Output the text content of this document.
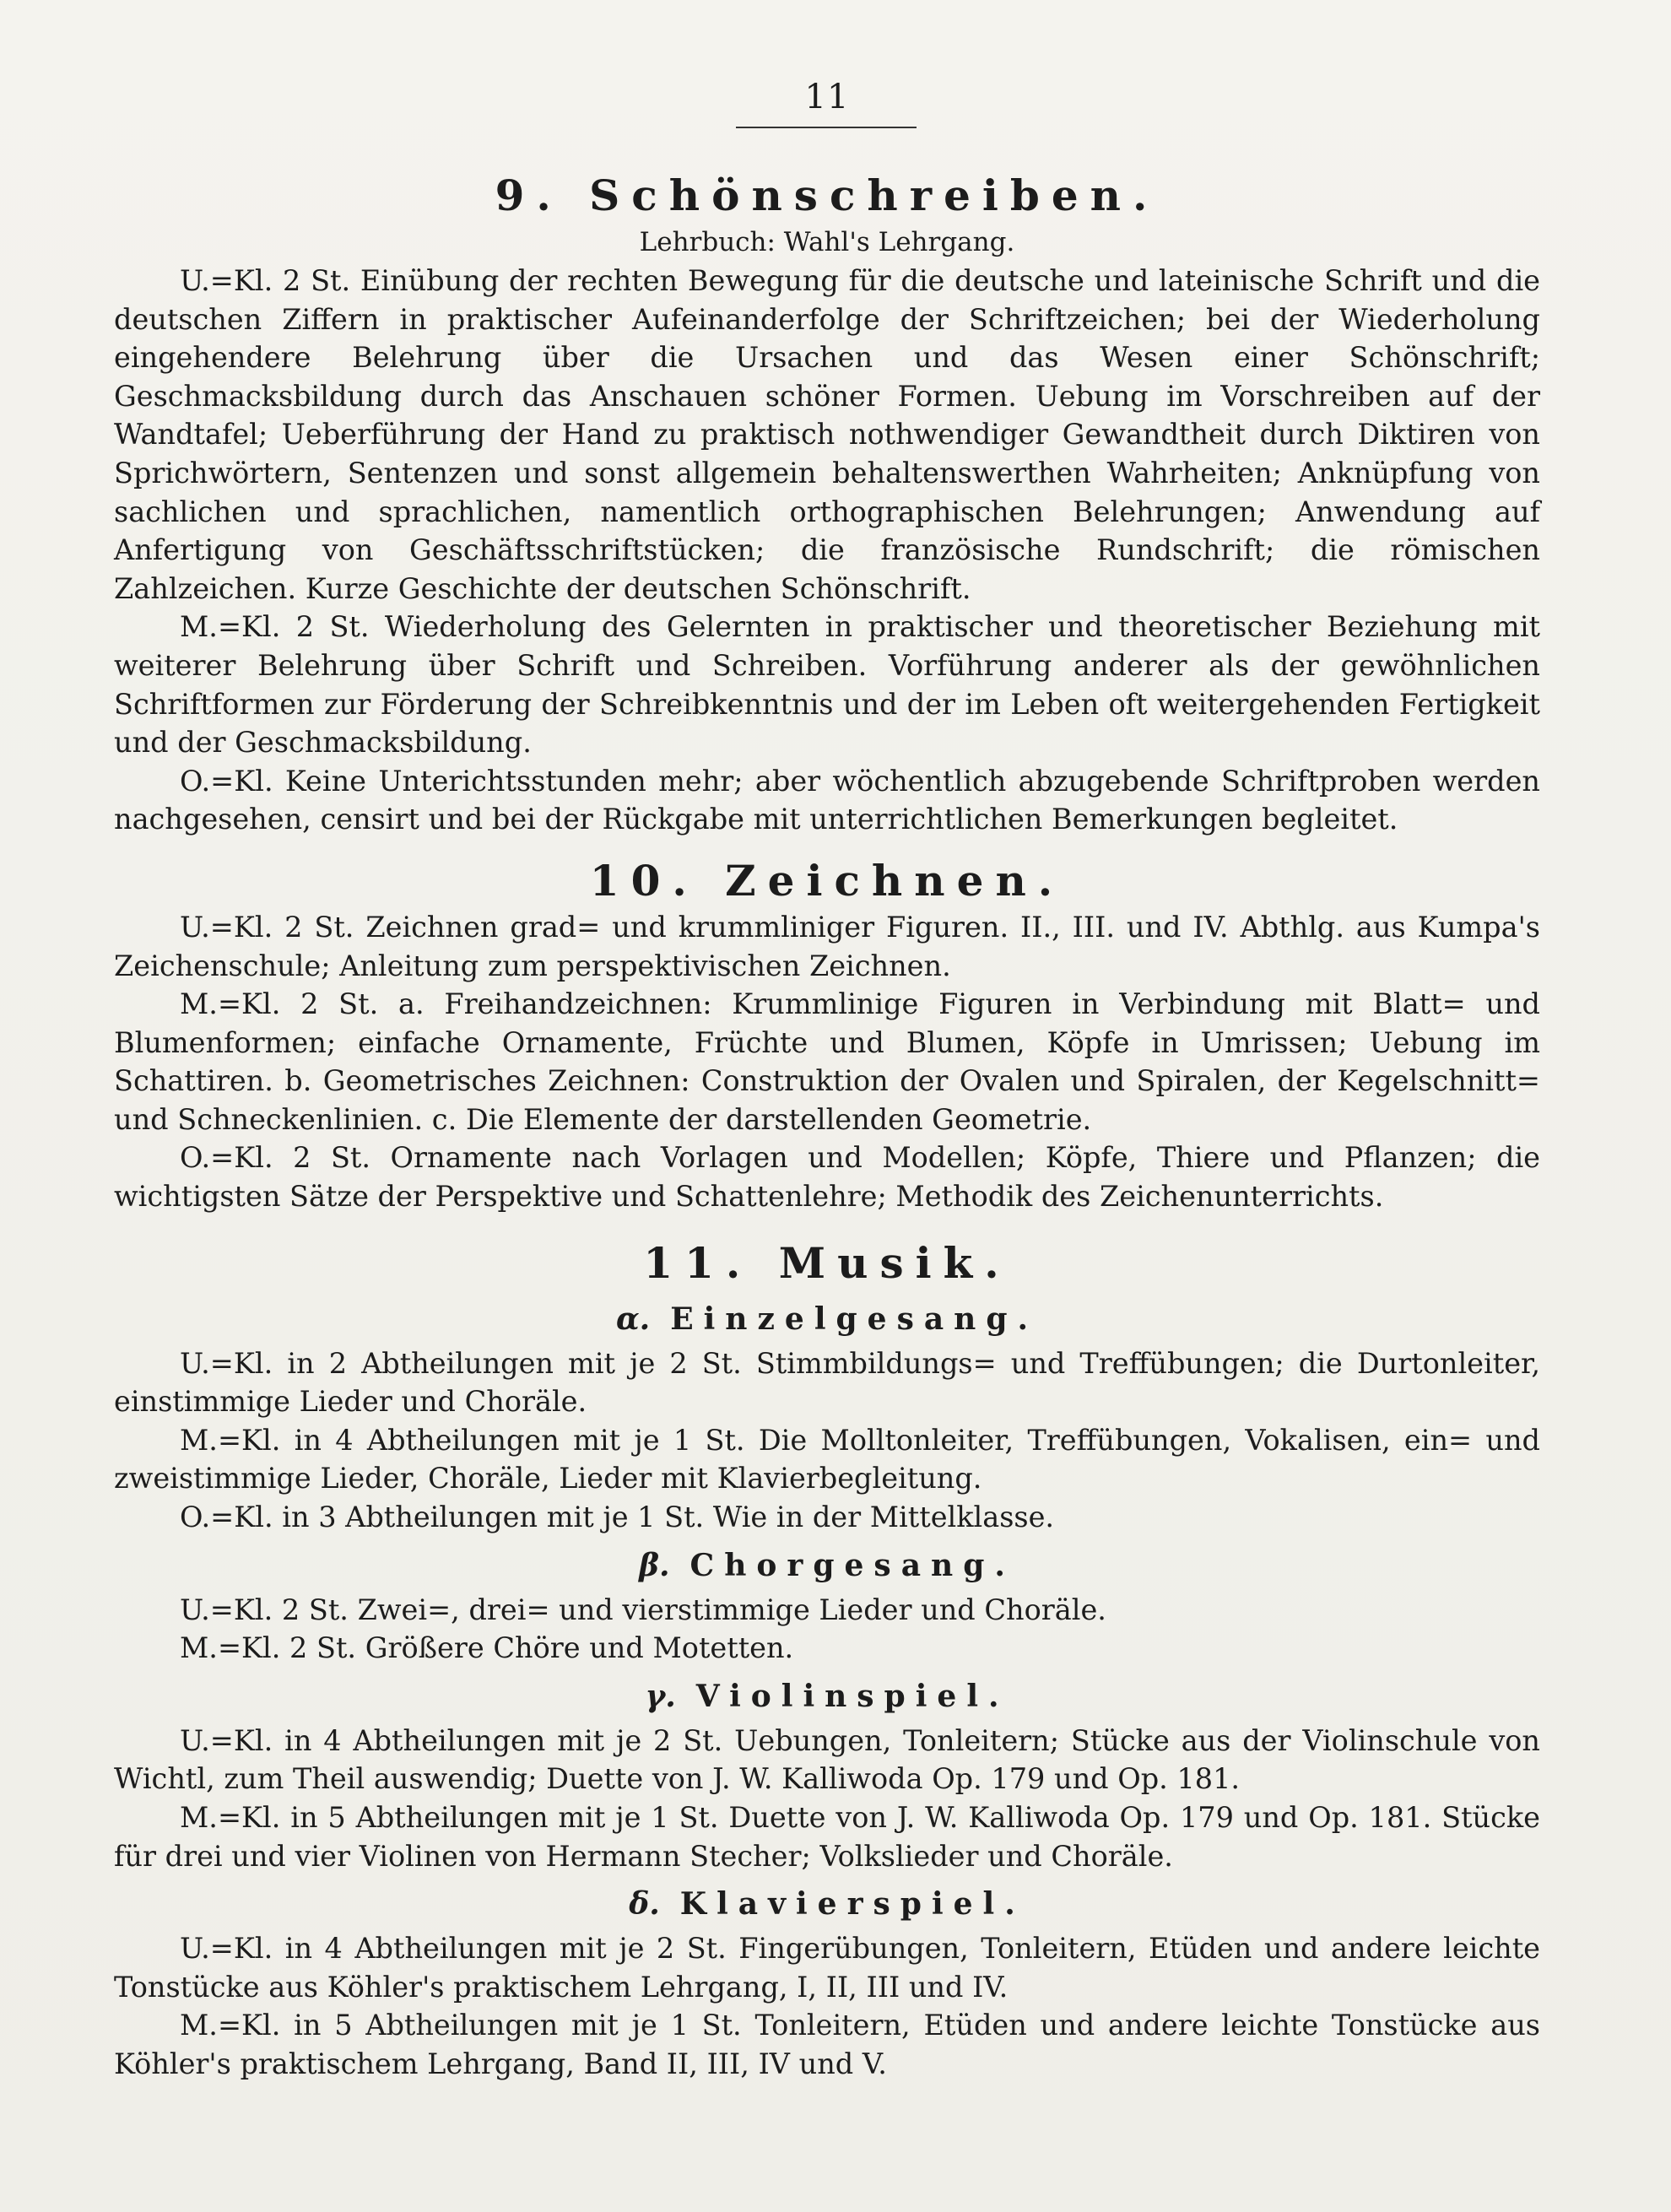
11
9. Schönschreiben.

Lehrbuch: Wahl's Lehrgang.

U.=Kl. 2 St. Einübung der rechten Bewegung für die deutsche und lateinische Schrift und die deutschen Ziffern in praktischer Aufeinanderfolge der Schriftzeichen; bei der Wiederholung eingehendere Belehrung über die Ursachen und das Wesen einer Schönschrift; Geschmacksbildung durch das Anschauen schöner Formen. Uebung im Vorschreiben auf der Wandtafel; Ueberführung der Hand zu praktisch nothwendiger Gewandtheit durch Diktiren von Sprichwörtern, Sentenzen und sonst allgemein behaltenswerthen Wahrheiten; Anknüpfung von sachlichen und sprachlichen, namentlich orthographischen Belehrungen; Anwendung auf Anfertigung von Geschäftsschriftstücken; die französische Rundschrift; die römischen Zahlzeichen. Kurze Geschichte der deutschen Schönschrift.

M.=Kl. 2 St. Wiederholung des Gelernten in praktischer und theoretischer Beziehung mit weiterer Belehrung über Schrift und Schreiben. Vorführung anderer als der gewöhnlichen Schriftformen zur Förderung der Schreibkenntnis und der im Leben oft weitergehenden Fertigkeit und der Geschmacksbildung.

O.=Kl. Keine Unterichtsstunden mehr; aber wöchentlich abzugebende Schriftproben werden nachgesehen, censirt und bei der Rückgabe mit unterrichtlichen Bemerkungen begleitet.

10. Zeichnen.

U.=Kl. 2 St. Zeichnen grad= und krummliniger Figuren. II., III. und IV. Abthlg. aus Kumpa's Zeichenschule; Anleitung zum perspektivischen Zeichnen.

M.=Kl. 2 St. a. Freihandzeichnen: Krummlinige Figuren in Verbindung mit Blatt= und Blumenformen; einfache Ornamente, Früchte und Blumen, Köpfe in Umrissen; Uebung im Schattiren. b. Geometrisches Zeichnen: Construktion der Ovalen und Spiralen, der Kegelschnitt= und Schneckenlinien. c. Die Elemente der darstellenden Geometrie.

O.=Kl. 2 St. Ornamente nach Vorlagen und Modellen; Köpfe, Thiere und Pflanzen; die wichtigsten Sätze der Perspektive und Schattenlehre; Methodik des Zeichenunterrichts.

11. Musik.
α. Einzelgesang.

U.=Kl. in 2 Abtheilungen mit je 2 St. Stimmbildungs= und Treffübungen; die Durtonleiter, einstimmige Lieder und Choräle.

M.=Kl. in 4 Abtheilungen mit je 1 St. Die Molltonleiter, Treffübungen, Vokalisen, ein= und zweistimmige Lieder, Choräle, Lieder mit Klavierbegleitung.

O.=Kl. in 3 Abtheilungen mit je 1 St. Wie in der Mittelklasse.

β. Chorgesang.

U.=Kl. 2 St. Zwei=, drei= und vierstimmige Lieder und Choräle.

M.=Kl. 2 St. Größere Chöre und Motetten.

γ. Violinspiel.

U.=Kl. in 4 Abtheilungen mit je 2 St. Uebungen, Tonleitern; Stücke aus der Violinschule von Wichtl, zum Theil auswendig; Duette von J. W. Kalliwoda Op. 179 und Op. 181.

M.=Kl. in 5 Abtheilungen mit je 1 St. Duette von J. W. Kalliwoda Op. 179 und Op. 181. Stücke für drei und vier Violinen von Hermann Stecher; Volkslieder und Choräle.

δ. Klavierspiel.

U.=Kl. in 4 Abtheilungen mit je 2 St. Fingerübungen, Tonleitern, Etüden und andere leichte Tonstücke aus Köhler's praktischem Lehrgang, I, II, III und IV.

M.=Kl. in 5 Abtheilungen mit je 1 St. Tonleitern, Etüden und andere leichte Tonstücke aus Köhler's praktischem Lehrgang, Band II, III, IV und V.
